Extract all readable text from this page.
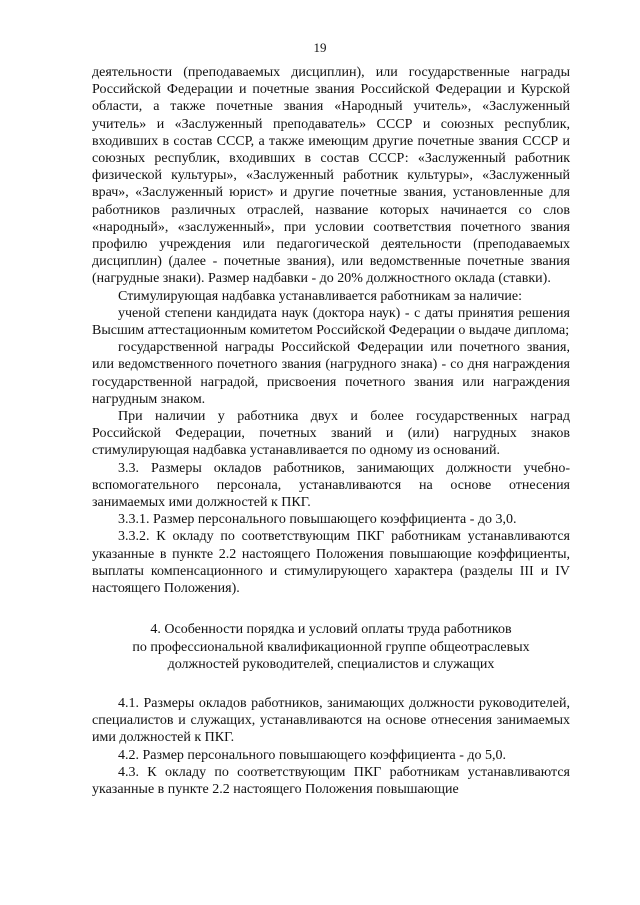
19

деятельности (преподаваемых дисциплин), или государственные награды Российской Федерации и почетные звания Российской Федерации и Курской области, а также почетные звания «Народный учитель», «Заслуженный учитель» и «Заслуженный преподаватель» СССР и союзных республик, входивших в состав СССР, а также имеющим другие почетные звания СССР и союзных республик, входивших в состав СССР: «Заслуженный работник физической культуры», «Заслуженный работник культуры», «Заслуженный врач», «Заслуженный юрист» и другие почетные звания, установленные для работников различных отраслей, название которых начинается со слов «народный», «заслуженный», при условии соответствия почетного звания профилю учреждения или педагогической деятельности (преподаваемых дисциплин) (далее - почетные звания), или ведомственные почетные звания (нагрудные знаки). Размер надбавки - до 20% должностного оклада (ставки).

Стимулирующая надбавка устанавливается работникам за наличие:

ученой степени кандидата наук (доктора наук) - с даты принятия решения Высшим аттестационным комитетом Российской Федерации о выдаче диплома;

государственной награды Российской Федерации или почетного звания, или ведомственного почетного звания (нагрудного знака) - со дня награждения государственной наградой, присвоения почетного звания или награждения нагрудным знаком.

При наличии у работника двух и более государственных наград Российской Федерации, почетных званий и (или) нагрудных знаков стимулирующая надбавка устанавливается по одному из оснований.

3.3. Размеры окладов работников, занимающих должности учебно-вспомогательного персонала, устанавливаются на основе отнесения занимаемых ими должностей к ПКГ.

3.3.1. Размер персонального повышающего коэффициента - до 3,0.

3.3.2. К окладу по соответствующим ПКГ работникам устанавливаются указанные в пункте 2.2 настоящего Положения повышающие коэффициенты, выплаты компенсационного и стимулирующего характера (разделы III и IV настоящего Положения).

4. Особенности порядка и условий оплаты труда работников
по профессиональной квалификационной группе общеотраслевых
должностей руководителей, специалистов и служащих

4.1. Размеры окладов работников, занимающих должности руководителей, специалистов и служащих, устанавливаются на основе отнесения занимаемых ими должностей к ПКГ.

4.2. Размер персонального повышающего коэффициента - до 5,0.

4.3. К окладу по соответствующим ПКГ работникам устанавливаются указанные в пункте 2.2 настоящего Положения повышающие
